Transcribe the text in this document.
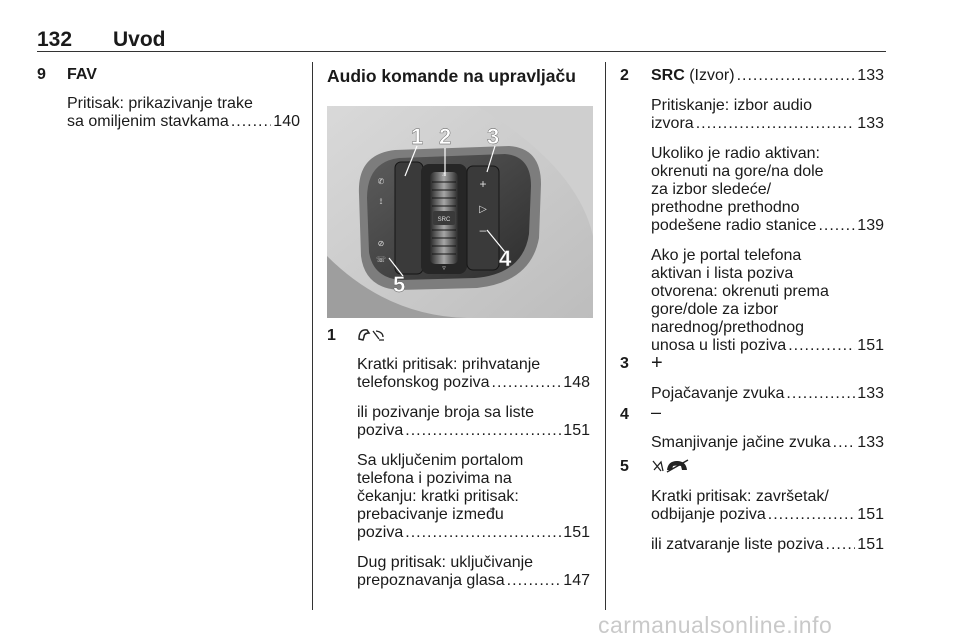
132 Uvod
9 FAV
Pritisak: prikazivanje trake
sa omiljenim stavkama .....	140
Audio komande na upravljaču
SRC
▵
▿
+
▷
–
✆
⟟
⊘
☏
1 2 3
4
5
1
Kratki pritisak: prihvatanje
telefonskog poziva .....	148
ili pozivanje broja sa liste
poziva .....	151
Sa uključenim portalom
telefona i pozivima na
čekanju: kratki pritisak:
prebacivanje između
poziva .....	151
Dug pritisak: uključivanje
prepoznavanja glasa .....	147
2 SRC (Izvor) .....	133
Pritiskanje: izbor audio
izvora .....	133
Ukoliko je radio aktivan:
okrenuti na gore/na dole
za izbor sledeće/
prethodne prethodno
podešene radio stanice .....	139
Ako je portal telefona
aktivan i lista poziva
otvorena: okrenuti prema
gore/dole za izbor
narednog/prethodnog
unosa u listi poziva .....	151
3 +
Pojačavanje zvuka .....	133
4 –
Smanjivanje jačine zvuka ..... 133
5
Kratki pritisak: završetak/
odbijanje poziva .....	151
ili zatvaranje liste poziva ..... 151
carmanualsonline.info
